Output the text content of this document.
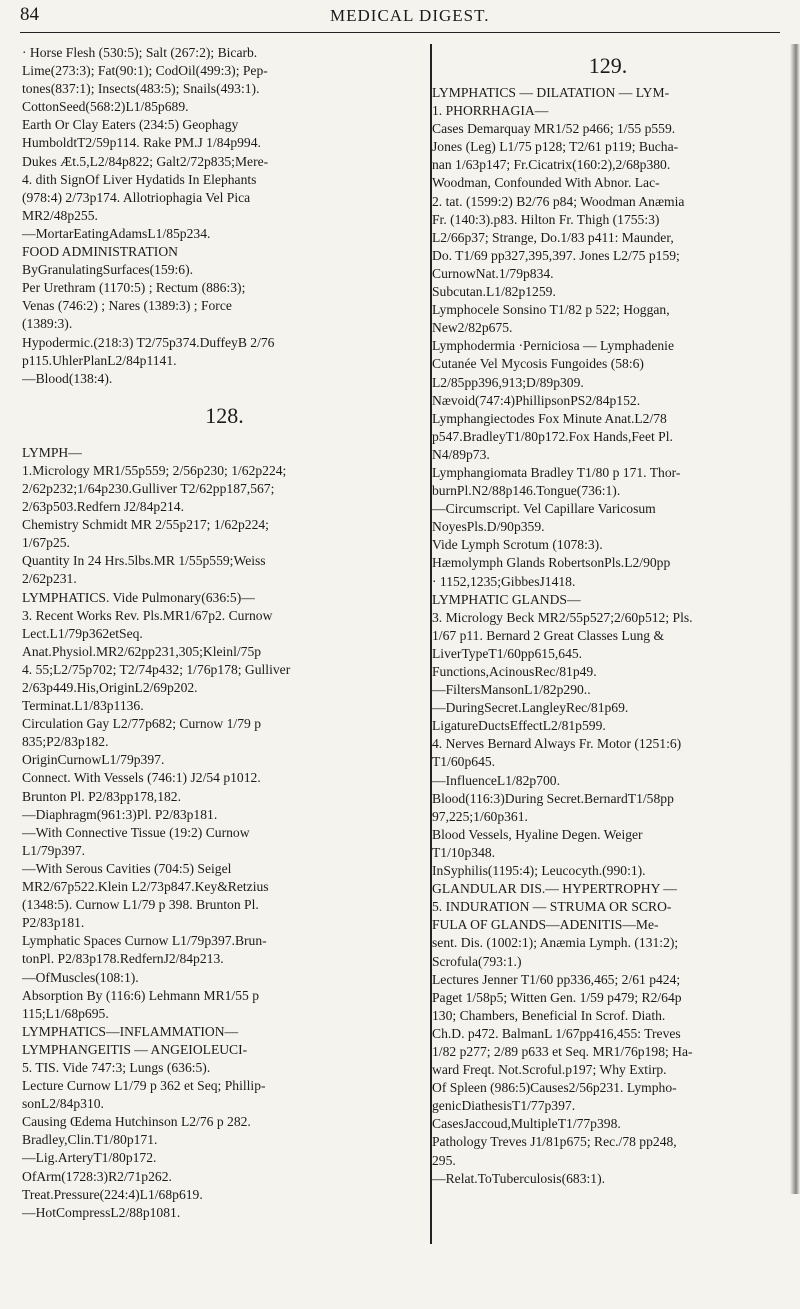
84	MEDICAL DIGEST.
· Horse Flesh (530:5); Salt (267:2); Bicarb.
Lime(273:3); Fat(90:1); CodOil(499:3); Pep-
tones(837:1); Insects(483:5); Snails(493:1).
CottonSeed(568:2)L1/85p689.
Earth Or Clay Eaters (234:5) Geophagy
HumboldtT2/59p114. Rake PM.J 1/84p994.
Dukes Æt.5,L2/84p822; Galt2/72p835;Mere-
4. dith SignOf Liver Hydatids In Elephants
(978:4) 2/73p174. Allotriophagia Vel Pica
MR2/48p255.
—MortarEatingAdamsL1/85p234.
FOOD ADMINISTRATION
ByGranulatingSurfaces(159:6).
Per Urethram (1170:5) ; Rectum (886:3);
Venas (746:2) ; Nares (1389:3) ; Force
(1389:3).
Hypodermic.(218:3) T2/75p374.DuffeyB 2/76
p115.UhlerPlanL2/84p1141.
—Blood(138:4).
128.
LYMPH—
1.Micrology MR1/55p559; 2/56p230; 1/62p224;
2/62p232;1/64p230.Gulliver T2/62pp187,567;
2/63p503.Redfern J2/84p214.
Chemistry Schmidt MR 2/55p217; 1/62p224;
1/67p25.
Quantity In 24 Hrs.5lbs.MR 1/55p559;Weiss
2/62p231.
LYMPHATICS. Vide Pulmonary(636:5)—
3. Recent Works Rev. Pls.MR1/67p2. Curnow
Lect.L1/79p362etSeq.
Anat.Physiol.MR2/62pp231,305;Kleinl/75p
4. 55;L2/75p702; T2/74p432; 1/76p178; Gulliver
2/63p449.His,OriginL2/69p202.
Terminat.L1/83p1136.
Circulation Gay L2/77p682; Curnow 1/79 p
835;P2/83p182.
OriginCurnowL1/79p397.
Connect. With Vessels (746:1) J2/54 p1012.
Brunton Pl. P2/83pp178,182.
—Diaphragm(961:3)Pl. P2/83p181.
—With Connective Tissue (19:2) Curnow
L1/79p397.
—With Serous Cavities (704:5) Seigel
MR2/67p522.Klein L2/73p847.Key&Retzius
(1348:5). Curnow L1/79 p 398. Brunton Pl.
P2/83p181.
Lymphatic Spaces Curnow L1/79p397.Brun-
tonPl. P2/83p178.RedfernJ2/84p213.
—OfMuscles(108:1).
Absorption By (116:6) Lehmann MR1/55 p
115;L1/68p695.
LYMPHATICS—INFLAMMATION—
LYMPHANGEITIS — ANGEIOLEUCI-
5. TIS. Vide 747:3; Lungs (636:5).
Lecture Curnow L1/79 p 362 et Seq; Phillip-
sonL2/84p310.
Causing Œdema Hutchinson L2/76 p 282.
Bradley,Clin.T1/80p171.
—Lig.ArteryT1/80p172.
OfArm(1728:3)R2/71p262.
Treat.Pressure(224:4)L1/68p619.
—HotCompressL2/88p1081.
129.
LYMPHATICS — DILATATION — LYM-
1. PHORRHAGIA—
Cases Demarquay MR1/52 p466; 1/55 p559.
Jones (Leg) L1/75 p128; T2/61 p119; Bucha-
nan 1/63p147; Fr.Cicatrix(160:2),2/68p380.
Woodman, Confounded With Abnor. Lac-
2. tat. (1599:2) B2/76 p84; Woodman Anæmia
Fr. (140:3).p83. Hilton Fr. Thigh (1755:3)
L2/66p37; Strange, Do.1/83 p411: Maunder,
Do. T1/69 pp327,395,397. Jones L2/75 p159;
CurnowNat.1/79p834.
Subcutan.L1/82p1259.
Lymphocele Sonsino T1/82 p 522; Hoggan,
New2/82p675.
Lymphodermia ·Perniciosa — Lymphadenie
Cutanée Vel Mycosis Fungoides (58:6)
L2/85pp396,913;D/89p309.
Nævoid(747:4)PhillipsonPS2/84p152.
Lymphangiectodes Fox Minute Anat.L2/78
p547.BradleyT1/80p172.Fox Hands,Feet Pl.
N4/89p73.
Lymphangiomata Bradley T1/80 p 171. Thor-
burnPl.N2/88p146.Tongue(736:1).
—Circumscript. Vel Capillare Varicosum
NoyesPls.D/90p359.
Vide Lymph Scrotum (1078:3).
Hæmolymph Glands RobertsonPls.L2/90pp
· 1152,1235;GibbesJ1418.
LYMPHATIC GLANDS—
3. Micrology Beck MR2/55p527;2/60p512; Pls.
1/67 p11. Bernard 2 Great Classes Lung &
LiverTypeT1/60pp615,645.
Functions,AcinousRec/81p49.
—FiltersMansonL1/82p290..
—DuringSecret.LangleyRec/81p69.
LigatureDuctsEffectL2/81p599.
4. Nerves Bernard Always Fr. Motor (1251:6)
T1/60p645.
—InfluenceL1/82p700.
Blood(116:3)During Secret.BernardT1/58pp
97,225;1/60p361.
Blood Vessels, Hyaline Degen. Weiger
T1/10p348.
InSyphilis(1195:4); Leucocyth.(990:1).
GLANDULAR DIS.— HYPERTROPHY —
5. INDURATION — STRUMA OR SCRO-
FULA OF GLANDS—ADENITIS—Me-
sent. Dis. (1002:1); Anæmia Lymph. (131:2);
Scrofula(793:1.)
Lectures Jenner T1/60 pp336,465; 2/61 p424;
Paget 1/58p5; Witten Gen. 1/59 p479; R2/64p
130; Chambers, Beneficial In Scrof. Diath.
Ch.D. p472. BalmanL 1/67pp416,455: Treves
1/82 p277; 2/89 p633 et Seq. MR1/76p198; Ha-
ward Freqt. Not.Scroful.p197; Why Extirp.
Of Spleen (986:5)Causes2/56p231. Lympho-
genicDiathesisT1/77p397.
CasesJaccoud,MultipleT1/77p398.
Pathology Treves J1/81p675; Rec./78 pp248,
295.
—Relat.ToTuberculosis(683:1).
